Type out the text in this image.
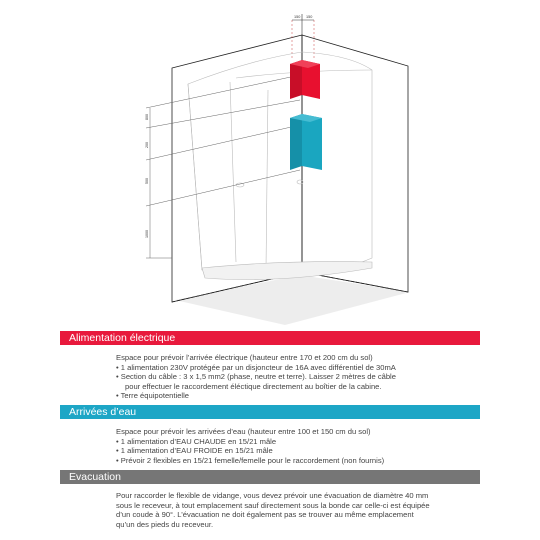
150 150
800
200
500
1000
Alimentation électrique

Espace pour prévoir l’arrivée électrique (hauteur entre 170 et 200 cm du sol)

• 1 alimentation 230V protégée par un disjoncteur de 16A avec différentiel de 30mA

• Section du câble : 3 x 1,5 mm2 (phase, neutre et terre). Laisser 2 mètres de câble

pour effectuer le raccordement éléctique directement au boîtier de la cabine.

• Terre équipotentielle

Arrivées d’eau

Espace pour prévoir les arrivées d’eau (hauteur entre 100 et 150 cm du sol)

• 1 alimentation d’EAU CHAUDE en 15/21 mâle

• 1 alimentation d’EAU FROIDE en 15/21 mâle

• Prévoir 2 flexibles en 15/21 femelle/femelle pour le raccordement (non fournis)

Evacuation

Pour raccorder le flexible de vidange, vous devez prévoir une évacuation de diamètre 40 mm

sous le receveur, à tout emplacement sauf directement sous la bonde car celle-ci est équipée

d’un coude à 90°. L’évacuation ne doit également pas se trouver au même emplacement

qu’un des pieds du receveur.
